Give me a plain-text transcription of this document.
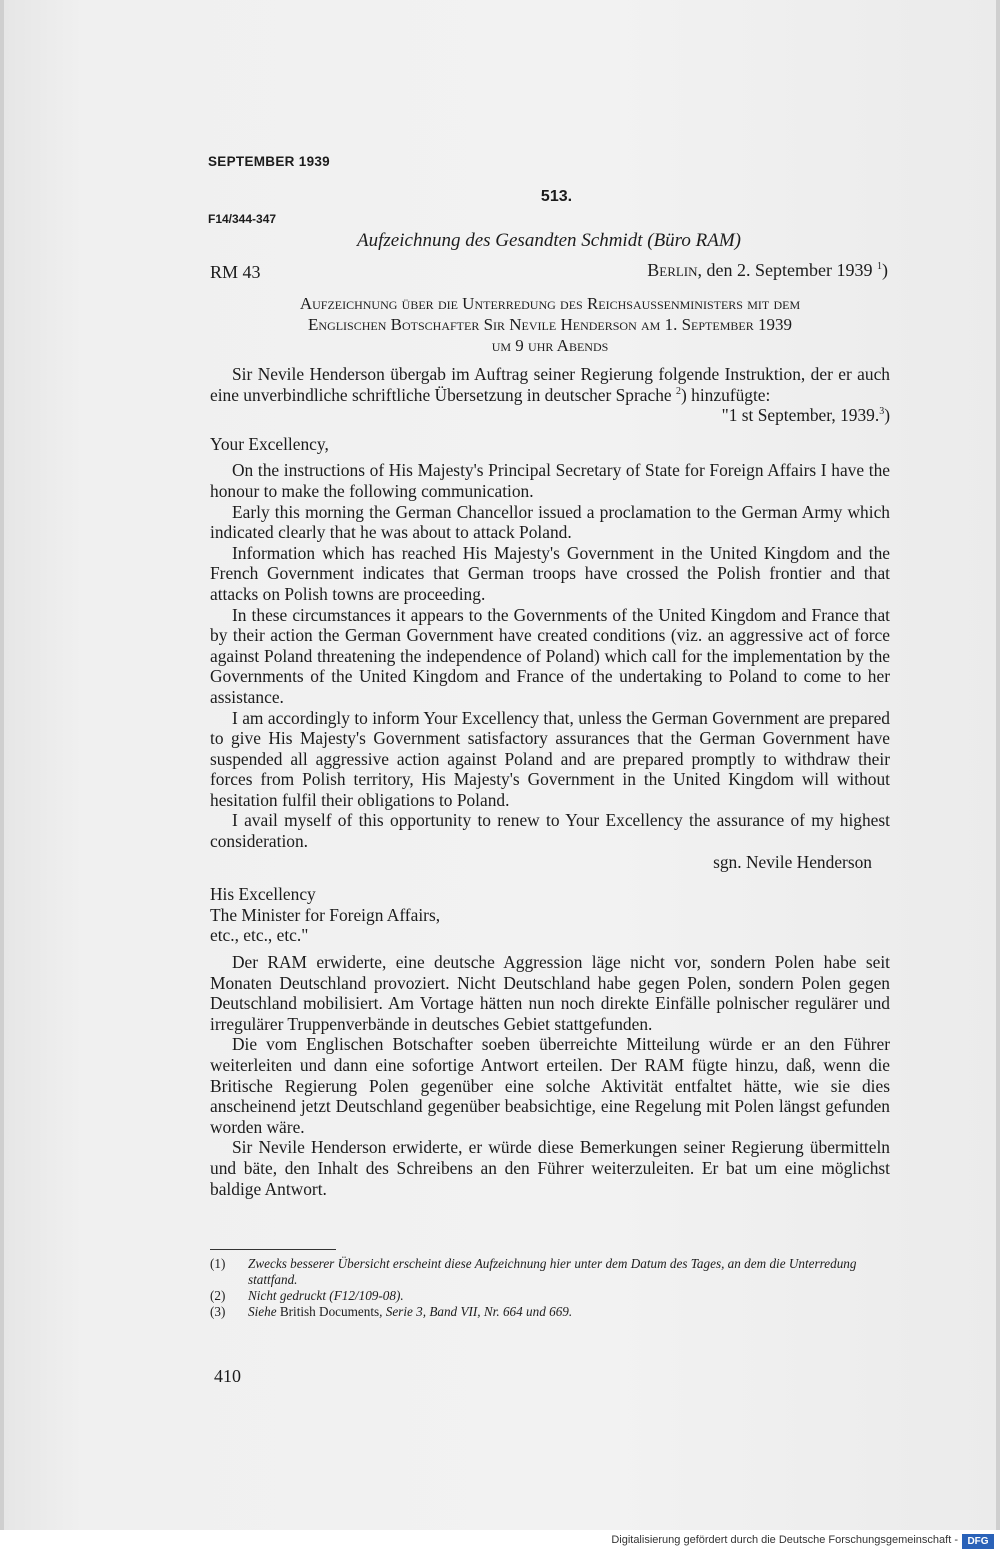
SEPTEMBER 1939
513.
F14/344-347
Aufzeichnung des Gesandten Schmidt (Büro RAM)
RM 43	Berlin, den 2. September 1939 $^1$)
Aufzeichnung über die Unterredung des Reichsaussenministers mit dem
Englischen Botschafter Sir Nevile Henderson am 1. September 1939
um 9 uhr Abends

Sir Nevile Henderson übergab im Auftrag seiner Regierung folgende Instruktion, der er auch eine unverbindliche schriftliche Übersetzung in deutscher Sprache $^2$) hinzufügte:

"1 st September, 1939.$^3$)

Your Excellency,

On the instructions of His Majesty's Principal Secretary of State for Foreign Affairs I have the honour to make the following communication.

Early this morning the German Chancellor issued a proclamation to the German Army which indicated clearly that he was about to attack Poland.

Information which has reached His Majesty's Government in the United Kingdom and the French Government indicates that German troops have crossed the Polish frontier and that attacks on Polish towns are proceeding.

In these circumstances it appears to the Governments of the United Kingdom and France that by their action the German Government have created conditions (viz. an aggressive act of force against Poland threatening the independence of Poland) which call for the implementation by the Governments of the United Kingdom and France of the undertaking to Poland to come to her assistance.

I am accordingly to inform Your Excellency that, unless the German Government are prepared to give His Majesty's Government satisfactory assurances that the German Government have suspended all aggressive action against Poland and are prepared promptly to withdraw their forces from Polish territory, His Majesty's Government in the United Kingdom will without hesitation fulfil their obligations to Poland.

I avail myself of this opportunity to renew to Your Excellency the assurance of my highest consideration.

sgn. Nevile Henderson

His Excellency

The Minister for Foreign Affairs,

etc., etc., etc."

Der RAM erwiderte, eine deutsche Aggression läge nicht vor, sondern Polen habe seit Monaten Deutschland provoziert. Nicht Deutschland habe gegen Polen, sondern Polen gegen Deutschland mobilisiert. Am Vortage hätten nun noch direkte Einfälle polnischer regulärer und irregulärer Truppenverbände in deutsches Gebiet stattgefunden.

Die vom Englischen Botschafter soeben überreichte Mitteilung würde er an den Führer weiterleiten und dann eine sofortige Antwort erteilen. Der RAM fügte hinzu, daß, wenn die Britische Regierung Polen gegenüber eine solche Aktivität entfaltet hätte, wie sie dies anscheinend jetzt Deutschland gegenüber beabsichtige, eine Regelung mit Polen längst gefunden worden wäre.

Sir Nevile Henderson erwiderte, er würde diese Bemerkungen seiner Regierung übermitteln und bäte, den Inhalt des Schreibens an den Führer weiterzuleiten. Er bat um eine möglichst baldige Antwort.

(1)	Zwecks besserer Übersicht erscheint diese Aufzeichnung hier unter dem Datum des Tages, an dem die Unterredung stattfand.
(2)	Nicht gedruckt (F12/109-08).
(3)	Siehe British Documents, Serie 3, Band VII, Nr. 664 und 669.
410
Digitalisierung gefördert durch die Deutsche Forschungsgemeinschaft - DFG
